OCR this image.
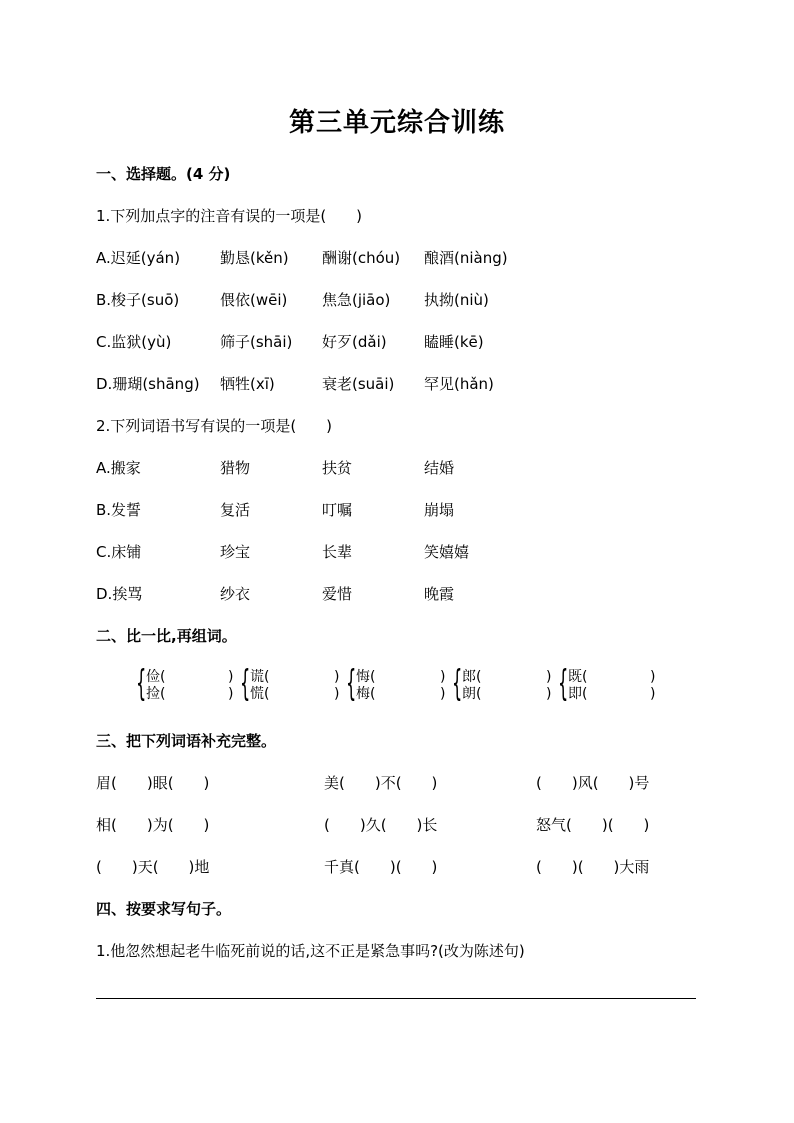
第三单元综合训练
一、选择题。(4 分)
1.下列加点字的注音有误的一项是(　　)
A.迟延(yán)	勤恳(kěn) 酬谢(chóu) 酿酒(niàng)
B.梭子(suō)	偎依(wēi) 焦急(jiāo) 执拗(niù)
C.监狱(yù)	筛子(shāi) 好歹(dǎi) 瞌睡(kē)
D.珊瑚(shāng) 牺牲(xī)	衰老(suāi) 罕见(hǎn)
2.下列词语书写有误的一项是(　　)
A.搬家	猎物	扶贫	结婚
B.发誓	复活	叮嘱	崩塌
C.床铺	珍宝	长辈	笑嬉嬉
D.挨骂	纱衣	爱惜	晚霞
二、比一比,再组词。
{ 俭(
捡(
)
) { 谎(
慌(
)
) { 悔(
梅(
)
) { 郎(
朗(
)
) { 既(
即(
)
)
三、把下列词语补充完整。
眉(　　)眼(　　)	美(　　)不(　　)	(　　)风(　　)号
相(　　)为(　　)	(　　)久(　　)长	怒气(　　)(　　)
(　　)天(　　)地	千真(　　)(　　)	(　　)(　　)大雨
四、按要求写句子。
1.他忽然想起老牛临死前说的话,这不正是紧急事吗?(改为陈述句)
